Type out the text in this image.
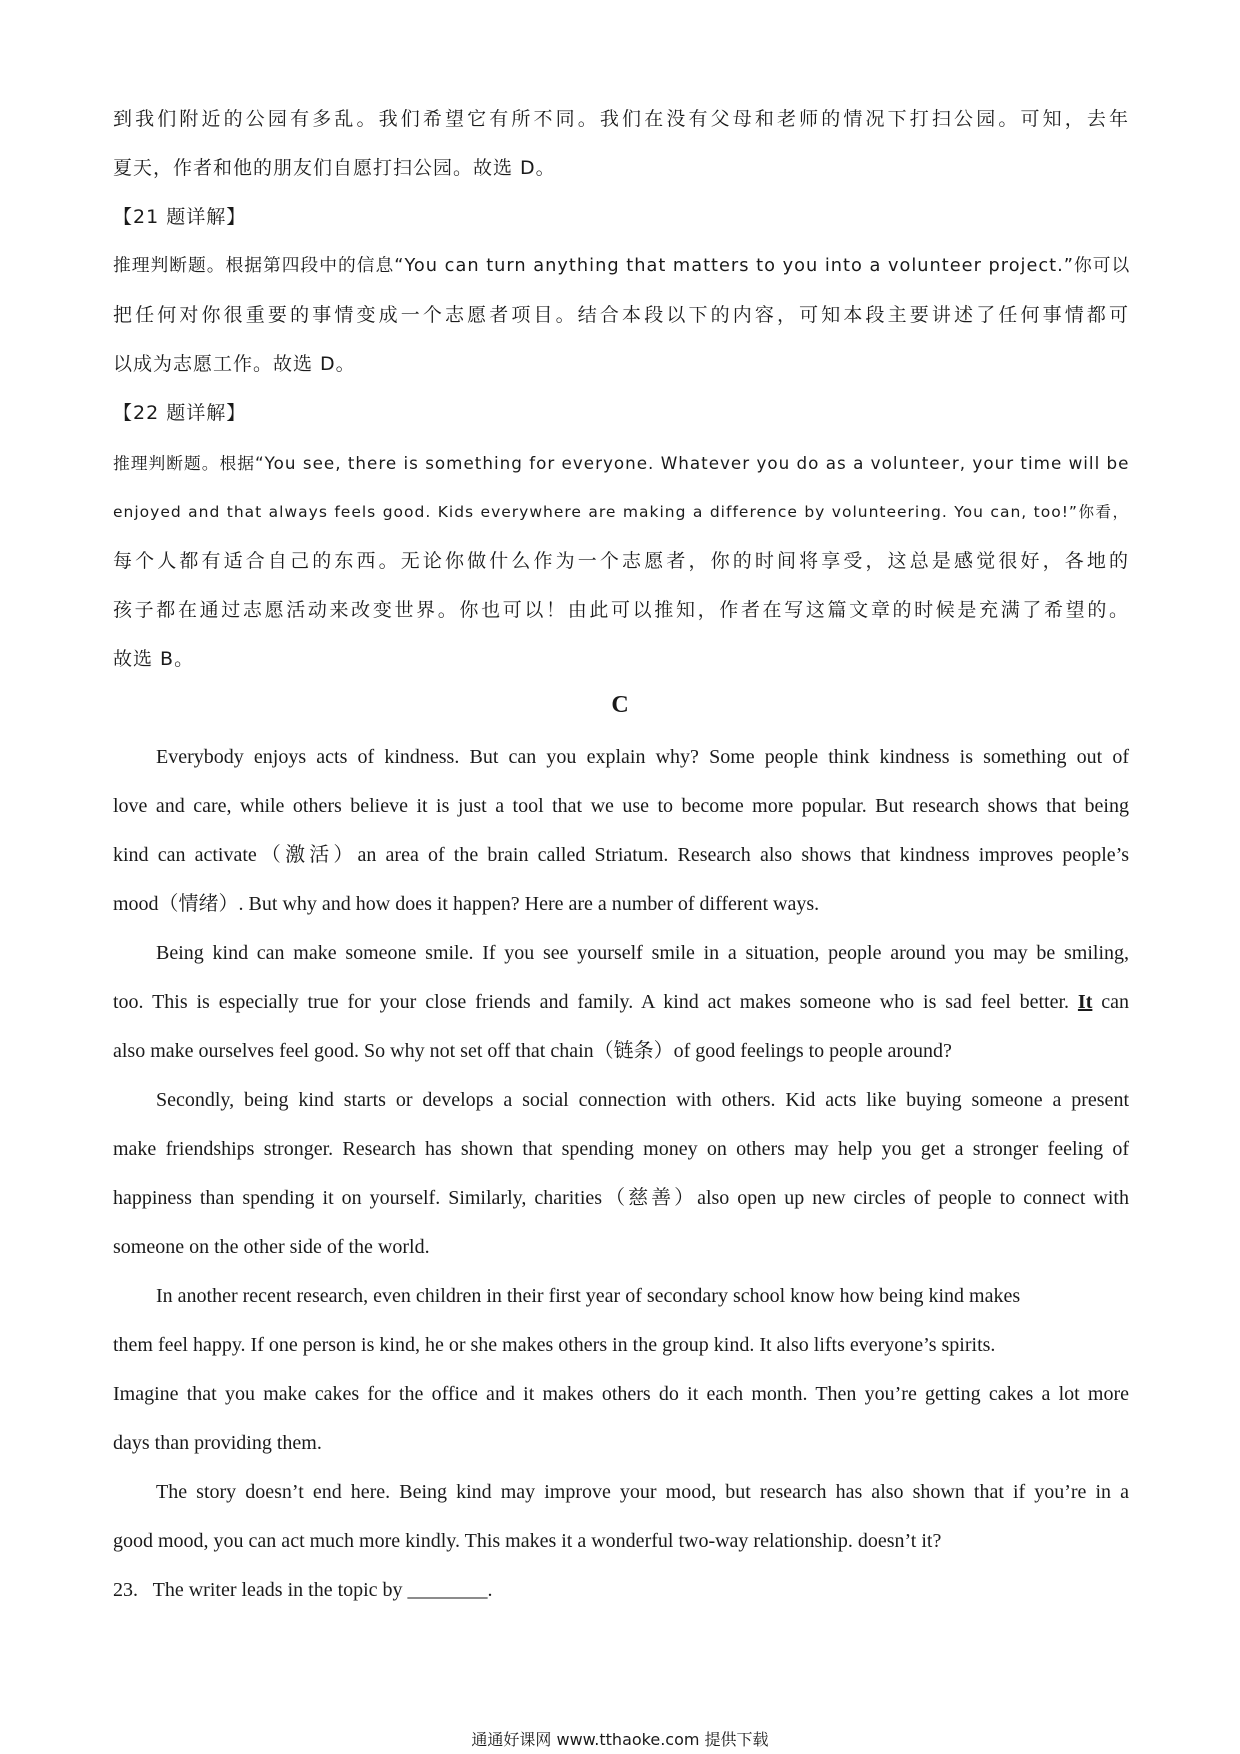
到我们附近的公园有多乱。我们希望它有所不同。我们在没有父母和老师的情况下打扫公园。可知，去年
夏天，作者和他的朋友们自愿打扫公园。故选 D。
【21 题详解】
推理判断题。根据第四段中的信息“You can turn anything that matters to you into a volunteer project.”你可以
把任何对你很重要的事情变成一个志愿者项目。结合本段以下的内容，可知本段主要讲述了任何事情都可
以成为志愿工作。故选 D。
【22 题详解】
推理判断题。根据“You see, there is something for everyone. Whatever you do as a volunteer, your time will be
enjoyed and that always feels good. Kids everywhere are making a difference by volunteering. You can, too!”你看，
每个人都有适合自己的东西。无论你做什么作为一个志愿者，你的时间将享受，这总是感觉很好，各地的
孩子都在通过志愿活动来改变世界。你也可以！由此可以推知，作者在写这篇文章的时候是充满了希望的。
故选 B。
C
Everybody enjoys acts of kindness. But can you explain why? Some people think kindness is something out of
love and care, while others believe it is just a tool that we use to become more popular. But research shows that being
kind can activate（激活）an area of the brain called Striatum. Research also shows that kindness improves people’s
mood（情绪）. But why and how does it happen? Here are a number of different ways.
Being kind can make someone smile. If you see yourself smile in a situation, people around you may be smiling,
too. This is especially true for your close friends and family. A kind act makes someone who is sad feel better. It can
also make ourselves feel good. So why not set off that chain（链条）of good feelings to people around?
Secondly, being kind starts or develops a social connection with others. Kid acts like buying someone a present
make friendships stronger. Research has shown that spending money on others may help you get a stronger feeling of
happiness than spending it on yourself. Similarly, charities（慈善）also open up new circles of people to connect with
someone on the other side of the world.
In another recent research, even children in their first year of secondary school know how being kind makes
them feel happy. If one person is kind, he or she makes others in the group kind. It also lifts everyone’s spirits.
Imagine that you make cakes for the office and it makes others do it each month. Then you’re getting cakes a lot more
days than providing them.
The story doesn’t end here. Being kind may improve your mood, but research has also shown that if you’re in a
good mood, you can act much more kindly. This makes it a wonderful two-way relationship. doesn’t it?
23.   The writer leads in the topic by ________.
通通好课网 www.tthaoke.com 提供下载
